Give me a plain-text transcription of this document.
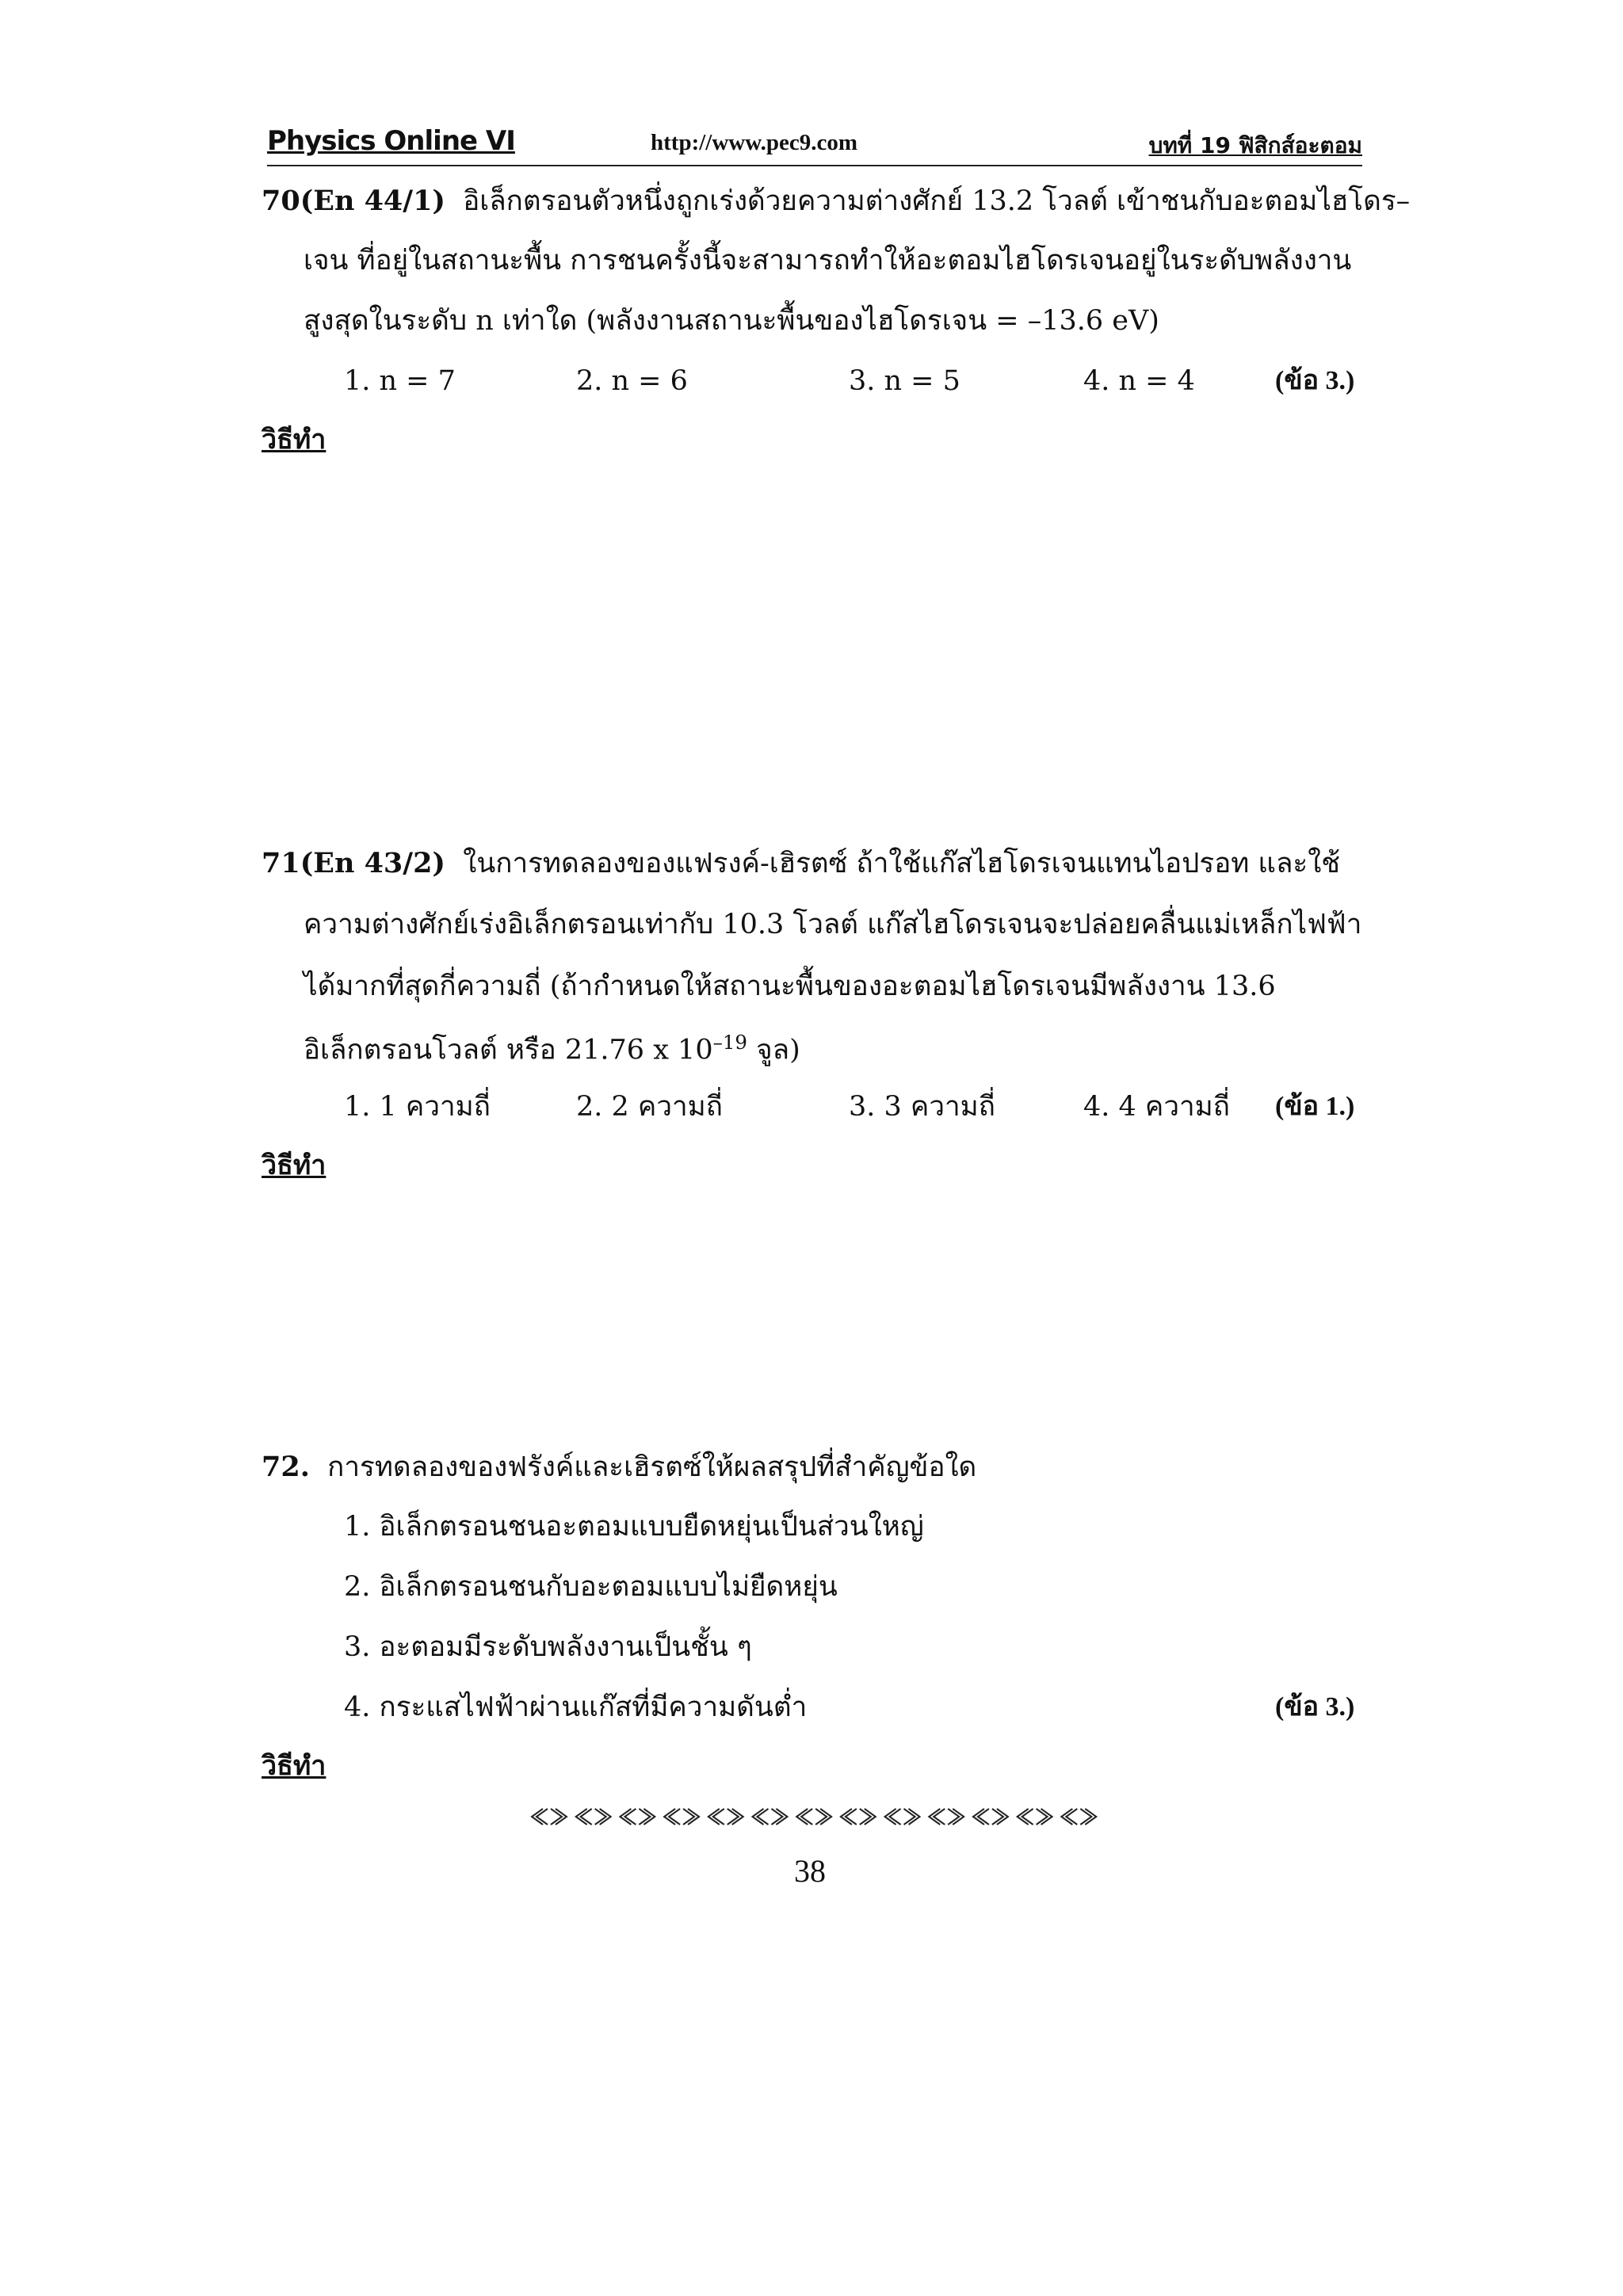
Physics Online VI	http://www.pec9.com	บทที่ 19 ฟิสิกส์อะตอม
70(En 44/1) อิเล็กตรอนตัวหนึ่งถูกเร่งด้วยความต่างศักย์ 13.2 โวลต์ เข้าชนกับอะตอมไฮโดร–
เจน ที่อยู่ในสถานะพื้น การชนครั้งนี้จะสามารถทำให้อะตอมไฮโดรเจนอยู่ในระดับพลังงาน
สูงสุดในระดับ n เท่าใด (พลังงานสถานะพื้นของไฮโดรเจน = –13.6 eV)
1. n = 7	2. n = 6	3. n = 5	4. n = 4	(ข้อ 3.)
วิธีทำ
71(En 43/2) ในการทดลองของแฟรงค์-เฮิรตซ์ ถ้าใช้แก๊สไฮโดรเจนแทนไอปรอท และใช้
ความต่างศักย์เร่งอิเล็กตรอนเท่ากับ 10.3 โวลต์ แก๊สไฮโดรเจนจะปล่อยคลื่นแม่เหล็กไฟฟ้า
ได้มากที่สุดกี่ความถี่ (ถ้ากำหนดให้สถานะพื้นของอะตอมไฮโดรเจนมีพลังงาน 13.6
อิเล็กตรอนโวลต์ หรือ 21.76 x $10^{-19}$ จูล)
1. 1 ความถี่	2. 2 ความถี่	3. 3 ความถี่	4. 4 ความถี่ (ข้อ 1.)
วิธีทำ
72. การทดลองของฟรังค์และเฮิรตซ์ให้ผลสรุปที่สำคัญข้อใด
1. อิเล็กตรอนชนอะตอมแบบยืดหยุ่นเป็นส่วนใหญ่
2. อิเล็กตรอนชนกับอะตอมแบบไม่ยืดหยุ่น
3. อะตอมมีระดับพลังงานเป็นชั้น ๆ
4. กระแสไฟฟ้าผ่านแก๊สที่มีความดันต่ำ	(ข้อ 3.)
วิธีทำ
38
